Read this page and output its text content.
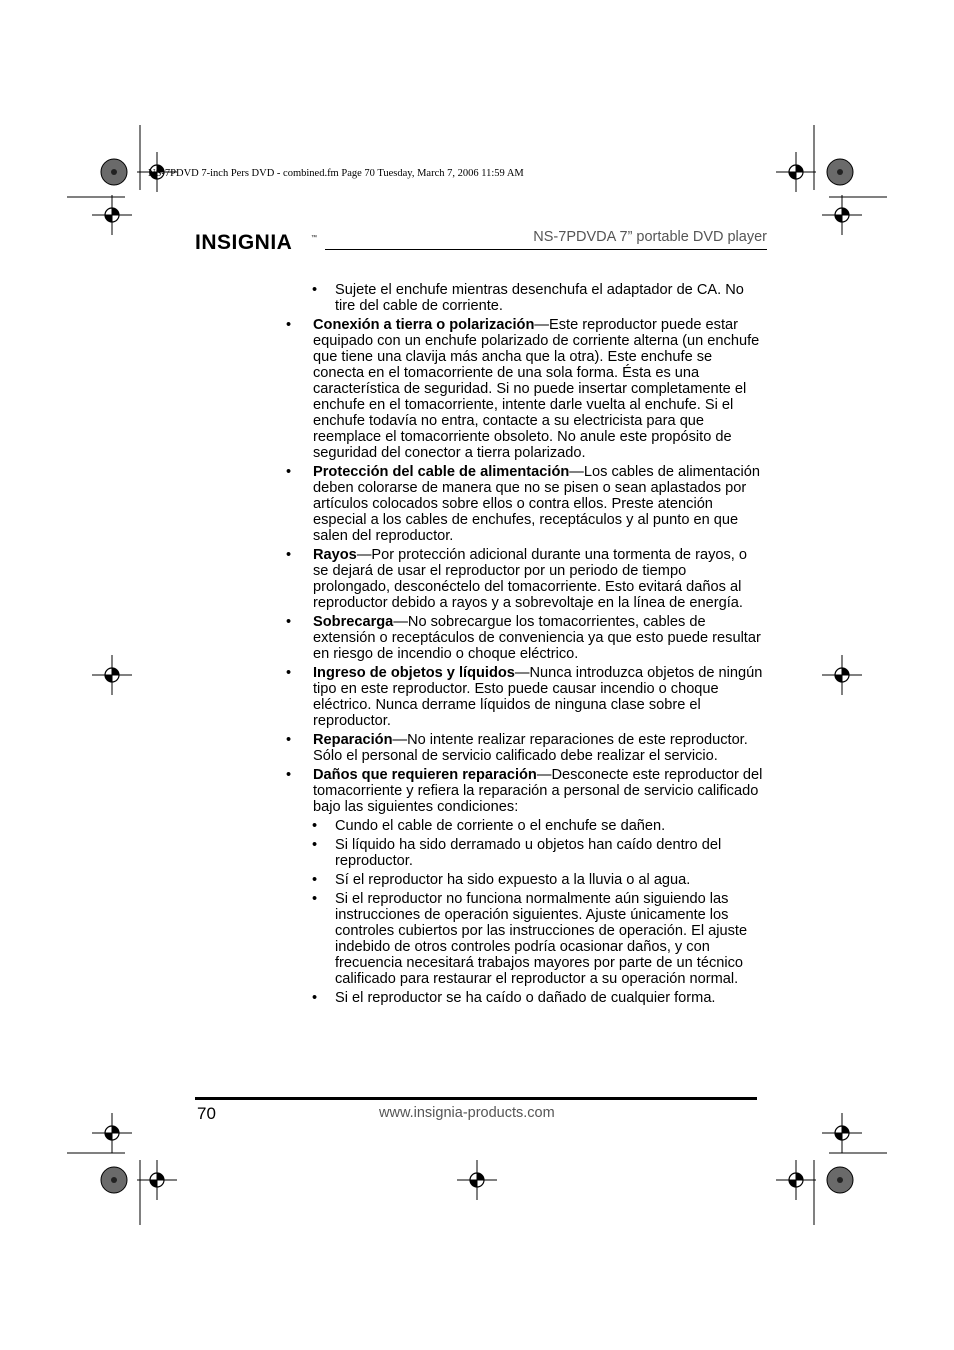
NS-7PDVD 7-inch Pers DVD - combined.fm Page 70 Tuesday, March 7, 2006 11:59 AM
INSIGNIA	™	NS-7PDVDA 7” portable DVD player
• Sujete el enchufe mientras desenchufa el adaptador de CA. No tire del cable de corriente.
• Conexión a tierra o polarización—Este reproductor puede estar equipado con un enchufe polarizado de corriente alterna (un enchufe que tiene una clavija más ancha que la otra). Este enchufe se conecta en el tomacorriente de una sola forma. Ésta es una característica de seguridad. Si no puede insertar completamente el enchufe en el tomacorriente, intente darle vuelta al enchufe. Si el enchufe todavía no entra, contacte a su electricista para que reemplace el tomacorriente obsoleto. No anule este propósito de seguridad del conector a tierra polarizado.
• Protección del cable de alimentación—Los cables de alimentación deben colorarse de manera que no se pisen o sean aplastados por artículos colocados sobre ellos o contra ellos. Preste atención especial a los cables de enchufes, receptáculos y al punto en que salen del reproductor.
• Rayos—Por protección adicional durante una tormenta de rayos, o se dejará de usar el reproductor por un periodo de tiempo prolongado, desconéctelo del tomacorriente. Esto evitará daños al reproductor debido a rayos y a sobrevoltaje en la línea de energía.
• Sobrecarga—No sobrecargue los tomacorrientes, cables de extensión o receptáculos de conveniencia ya que esto puede resultar en riesgo de incendio o choque eléctrico.
• Ingreso de objetos y líquidos—Nunca introduzca objetos de ningún tipo en este reproductor. Esto puede causar incendio o choque eléctrico. Nunca derrame líquidos de ninguna clase sobre el reproductor.
• Reparación—No intente realizar reparaciones de este reproductor. Sólo el personal de servicio calificado debe realizar el servicio.
• Daños que requieren reparación—Desconecte este reproductor del tomacorriente y refiera la reparación a personal de servicio calificado bajo las siguientes condiciones:
• Cundo el cable de corriente o el enchufe se dañen.
• Si líquido ha sido derramado u objetos han caído dentro del reproductor.
• Sí el reproductor ha sido expuesto a la lluvia o al agua.
• Si el reproductor no funciona normalmente aún siguiendo las instrucciones de operación siguientes. Ajuste únicamente los controles cubiertos por las instrucciones de operación. El ajuste indebido de otros controles podría ocasionar daños, y con frecuencia necesitará trabajos mayores por parte de un técnico calificado para restaurar el reproductor a su operación normal.
• Si el reproductor se ha caído o dañado de cualquier forma.
70	www.insignia-products.com
